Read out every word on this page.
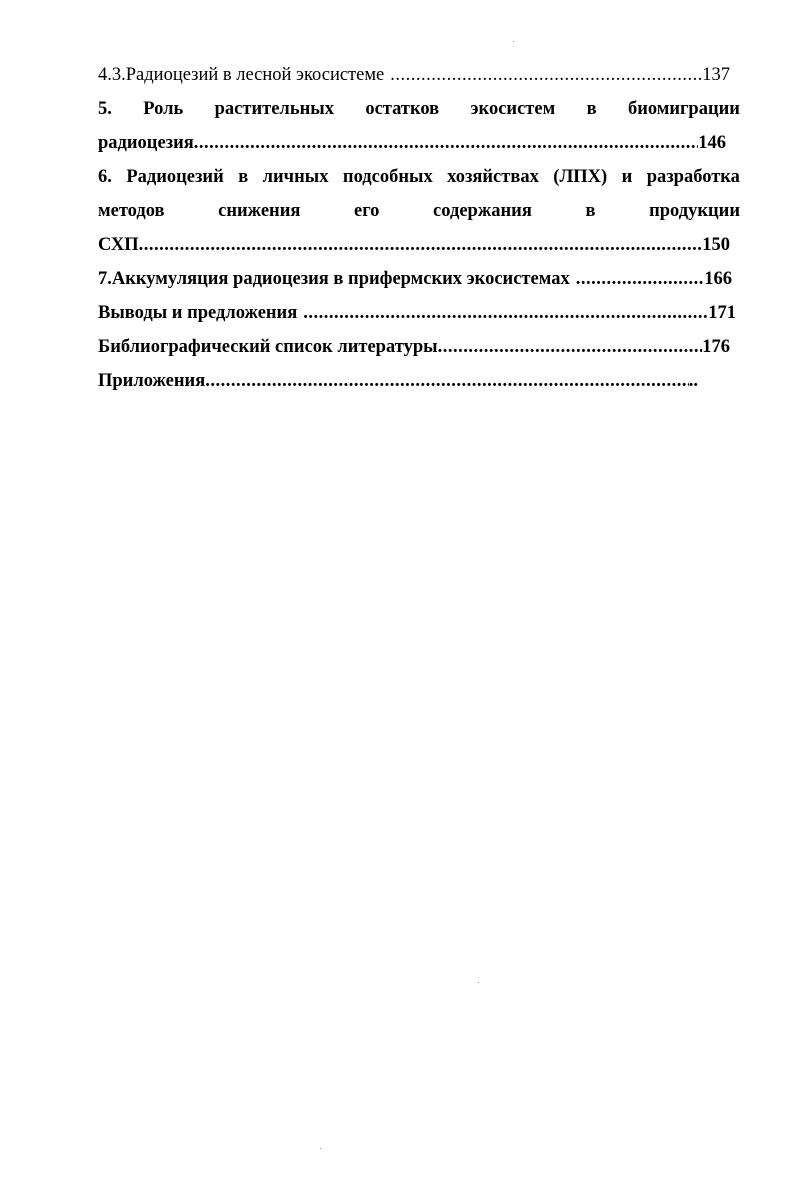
4.3. Радиоцезий в лесной экосистеме .....	137
5. Роль растительных остатков экосистем в биомиграции
радиоцезия .....	146
6. Радиоцезий в личных подсобных хозяйствах (ЛПХ) и разработка
методов	снижения	его	содержания	в	продукции
СХП .....	150
7. Аккумуляция радиоцезия в прифермских экосистемах .....	166
Выводы и предложения .....	171
Библиографический список литературы .....	176
Приложения .....	..
